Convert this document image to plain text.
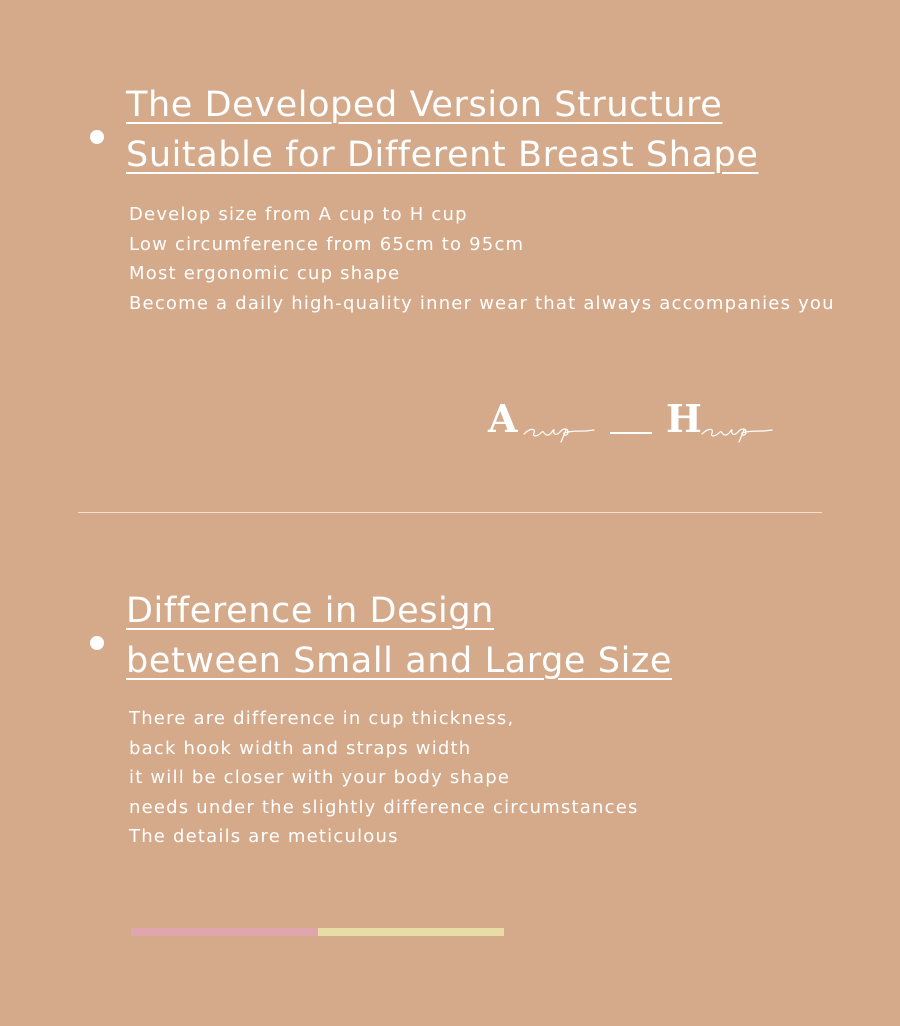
The Developed Version Structure
Suitable for Different Breast Shape
Develop size from A cup to H cup
Low circumference from 65cm to 95cm
Most ergonomic cup shape
Become a daily high-quality inner wear that always accompanies you
A	H
Difference in Design
between Small and Large Size
There are difference in cup thickness,
back hook width and straps width
it will be closer with your body shape
needs under the slightly difference circumstances
The details are meticulous
